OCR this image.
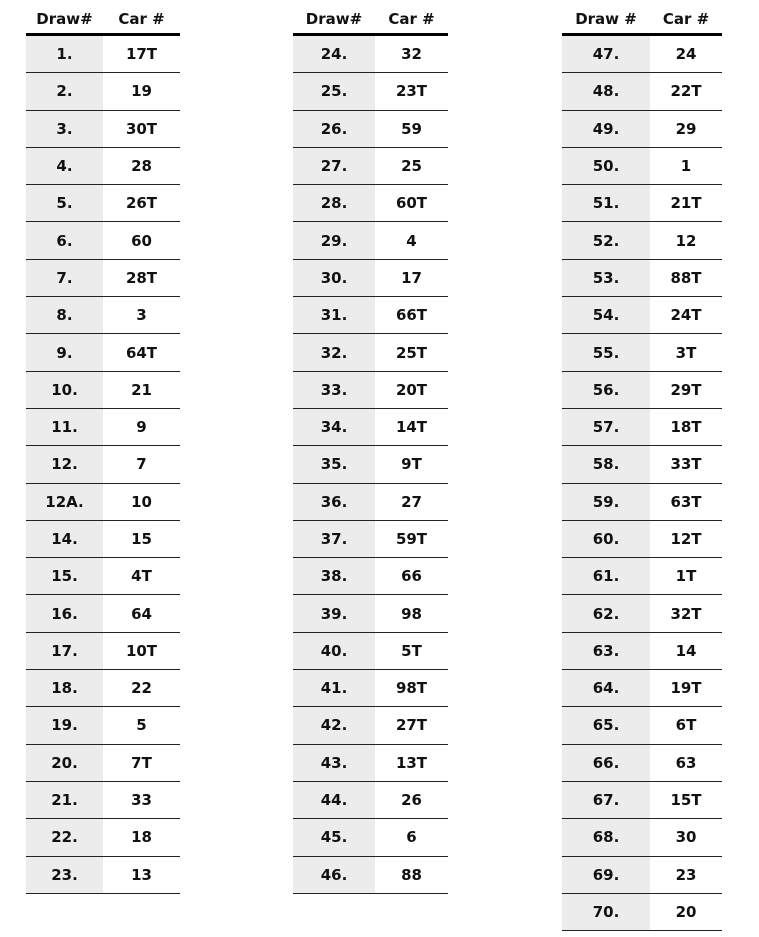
Draw#	Car #
1.	17T
2.	19
3.	30T
4.	28
5.	26T
6.	60
7.	28T
8.	3
9.	64T
10.	21
11.	9
12.	7
12A.	10
14.	15
15.	4T
16.	64
17.	10T
18.	22
19.	5
20.	7T
21.	33
22.	18
23.	13
Draw#	Car #
24.	32
25.	23T
26.	59
27.	25
28.	60T
29.	4
30.	17
31.	66T
32.	25T
33.	20T
34.	14T
35.	9T
36.	27
37.	59T
38.	66
39.	98
40.	5T
41.	98T
42.	27T
43.	13T
44.	26
45.	6
46.	88
Draw #	Car #
47.	24
48.	22T
49.	29
50.	1
51.	21T
52.	12
53.	88T
54.	24T
55.	3T
56.	29T
57.	18T
58.	33T
59.	63T
60.	12T
61.	1T
62.	32T
63.	14
64.	19T
65.	6T
66.	63
67.	15T
68.	30
69.	23
70.	20
